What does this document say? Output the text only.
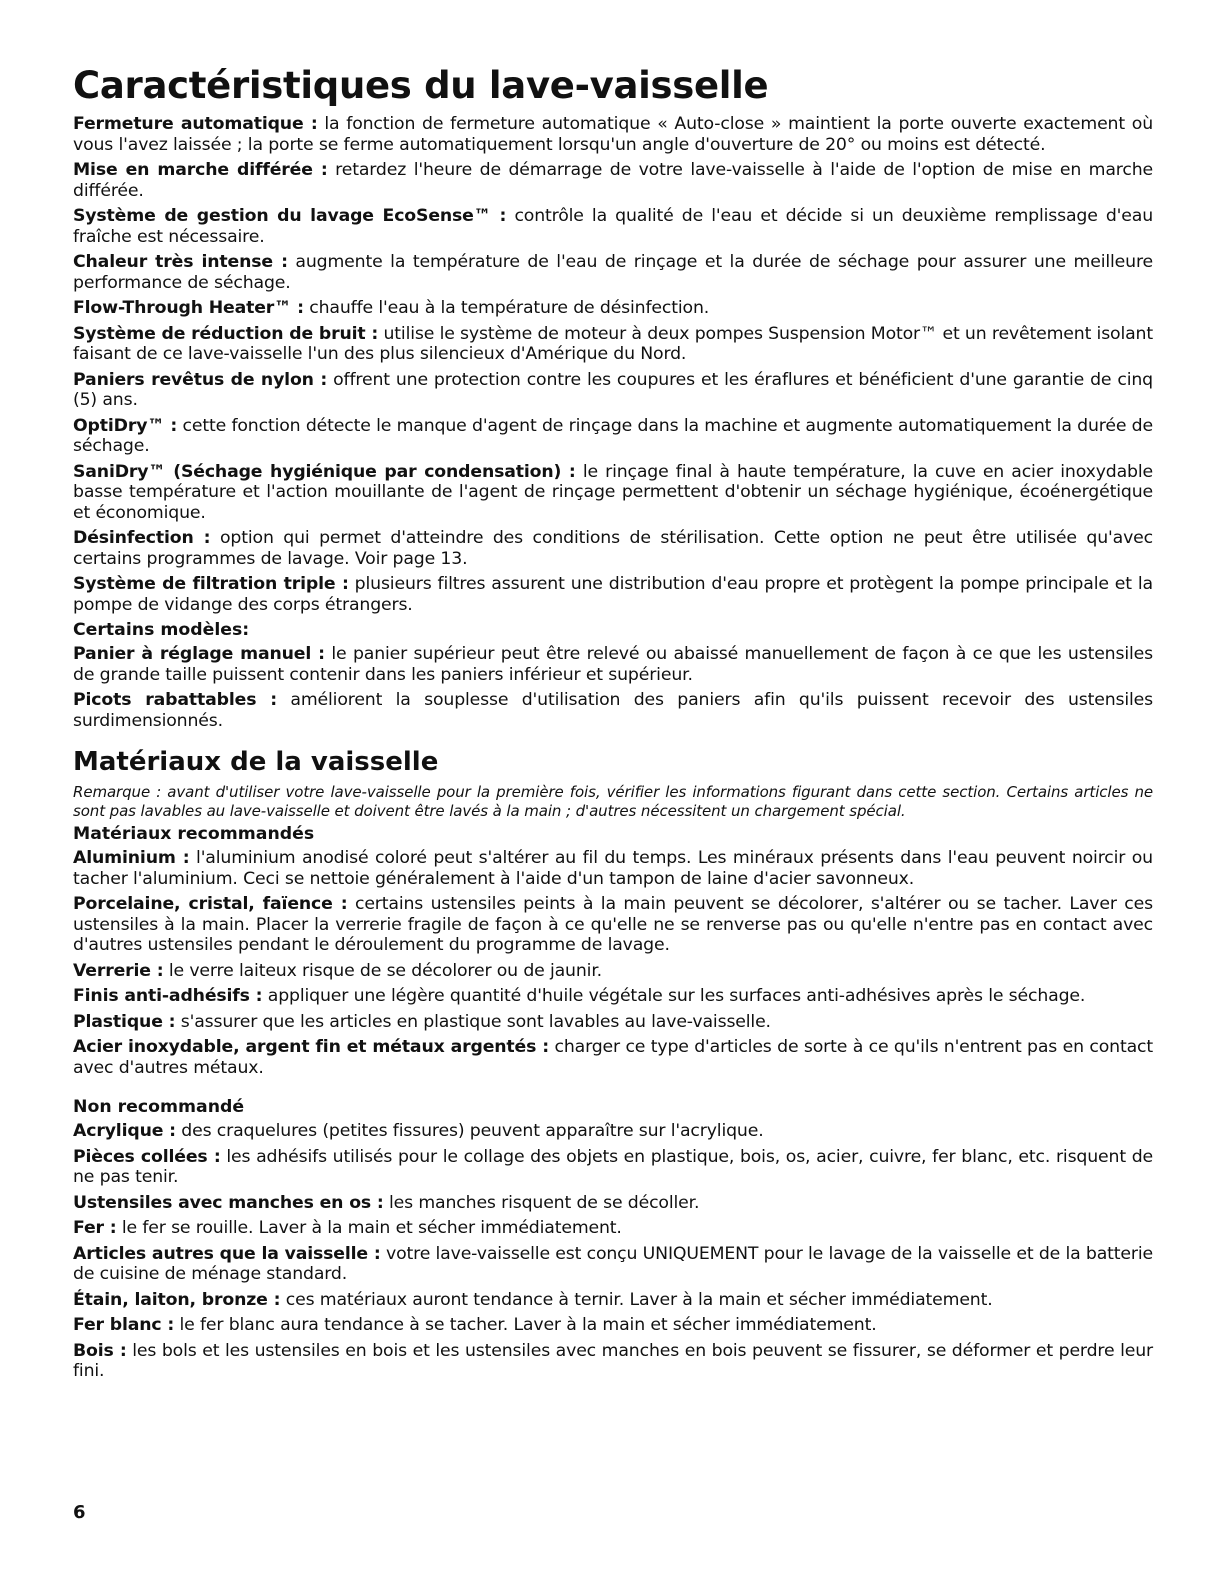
Caractéristiques du lave-vaisselle
Fermeture automatique : la fonction de fermeture automatique « Auto-close » maintient la porte ouverte exactement où vous l'avez laissée ; la porte se ferme automatiquement lorsqu'un angle d'ouverture de 20° ou moins est détecté.
Mise en marche différée : retardez l'heure de démarrage de votre lave-vaisselle à l'aide de l'option de mise en marche différée.
Système de gestion du lavage EcoSense™ : contrôle la qualité de l'eau et décide si un deuxième remplissage d'eau fraîche est nécessaire.
Chaleur très intense : augmente la température de l'eau de rinçage et la durée de séchage pour assurer une meilleure performance de séchage.
Flow-Through Heater™ : chauffe l'eau à la température de désinfection.
Système de réduction de bruit : utilise le système de moteur à deux pompes Suspension Motor™ et un revêtement isolant faisant de ce lave-vaisselle l'un des plus silencieux d'Amérique du Nord.
Paniers revêtus de nylon : offrent une protection contre les coupures et les éraflures et bénéficient d'une garantie de cinq (5) ans.
OptiDry™ : cette fonction détecte le manque d'agent de rinçage dans la machine et augmente automatiquement la durée de séchage.
SaniDry™ (Séchage hygiénique par condensation) : le rinçage final à haute température, la cuve en acier inoxydable basse température et l'action mouillante de l'agent de rinçage permettent d'obtenir un séchage hygiénique, écoénergétique et économique.
Désinfection : option qui permet d'atteindre des conditions de stérilisation. Cette option ne peut être utilisée qu'avec certains programmes de lavage. Voir page 13.
Système de filtration triple : plusieurs filtres assurent une distribution d'eau propre et protègent la pompe principale et la pompe de vidange des corps étrangers.
Certains modèles:
Panier à réglage manuel : le panier supérieur peut être relevé ou abaissé manuellement de façon à ce que les ustensiles de grande taille puissent contenir dans les paniers inférieur et supérieur.
Picots rabattables : améliorent la souplesse d'utilisation des paniers afin qu'ils puissent recevoir des ustensiles surdimensionnés.
Matériaux de la vaisselle
Remarque : avant d'utiliser votre lave-vaisselle pour la première fois, vérifier les informations figurant dans cette section. Certains articles ne sont pas lavables au lave-vaisselle et doivent être lavés à la main ; d'autres nécessitent un chargement spécial.
Matériaux recommandés
Aluminium : l'aluminium anodisé coloré peut s'altérer au fil du temps. Les minéraux présents dans l'eau peuvent noircir ou tacher l'aluminium. Ceci se nettoie généralement à l'aide d'un tampon de laine d'acier savonneux.
Porcelaine, cristal, faïence : certains ustensiles peints à la main peuvent se décolorer, s'altérer ou se tacher. Laver ces ustensiles à la main. Placer la verrerie fragile de façon à ce qu'elle ne se renverse pas ou qu'elle n'entre pas en contact avec d'autres ustensiles pendant le déroulement du programme de lavage.
Verrerie : le verre laiteux risque de se décolorer ou de jaunir.
Finis anti-adhésifs : appliquer une légère quantité d'huile végétale sur les surfaces anti-adhésives après le séchage.
Plastique : s'assurer que les articles en plastique sont lavables au lave-vaisselle.
Acier inoxydable, argent fin et métaux argentés : charger ce type d'articles de sorte à ce qu'ils n'entrent pas en contact avec d'autres métaux.
Non recommandé
Acrylique : des craquelures (petites fissures) peuvent apparaître sur l'acrylique.
Pièces collées : les adhésifs utilisés pour le collage des objets en plastique, bois, os, acier, cuivre, fer blanc, etc. risquent de ne pas tenir.
Ustensiles avec manches en os : les manches risquent de se décoller.
Fer : le fer se rouille. Laver à la main et sécher immédiatement.
Articles autres que la vaisselle : votre lave-vaisselle est conçu UNIQUEMENT pour le lavage de la vaisselle et de la batterie de cuisine de ménage standard.
Étain, laiton, bronze : ces matériaux auront tendance à ternir. Laver à la main et sécher immédiatement.
Fer blanc : le fer blanc aura tendance à se tacher. Laver à la main et sécher immédiatement.
Bois : les bols et les ustensiles en bois et les ustensiles avec manches en bois peuvent se fissurer, se déformer et perdre leur fini.
6
